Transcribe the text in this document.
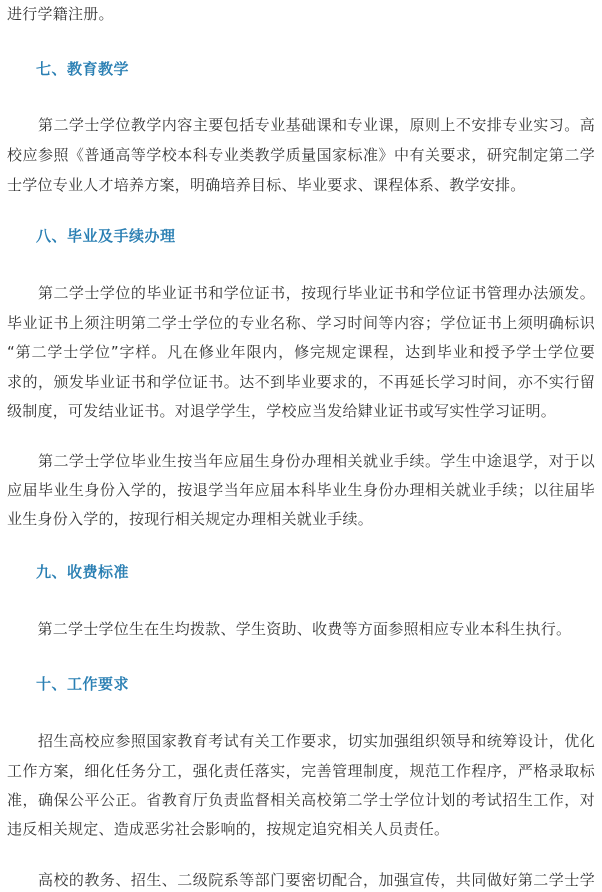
进行学籍注册。
七、教育教学
　　第二学士学位教学内容主要包括专业基础课和专业课，原则上不安排专业实习。高
校应参照《普通高等学校本科专业类教学质量国家标准》中有关要求，研究制定第二学
士学位专业人才培养方案，明确培养目标、毕业要求、课程体系、教学安排。
八、毕业及手续办理
　　第二学士学位的毕业证书和学位证书，按现行毕业证书和学位证书管理办法颁发。
毕业证书上须注明第二学士学位的专业名称、学习时间等内容；学位证书上须明确标识
“第二学士学位”字样。凡在修业年限内，修完规定课程，达到毕业和授予学士学位要
求的，颁发毕业证书和学位证书。达不到毕业要求的，不再延长学习时间，亦不实行留
级制度，可发结业证书。对退学学生，学校应当发给肄业证书或写实性学习证明。
　　第二学士学位毕业生按当年应届生身份办理相关就业手续。学生中途退学，对于以
应届毕业生身份入学的，按退学当年应届本科毕业生身份办理相关就业手续；以往届毕
业生身份入学的，按现行相关规定办理相关就业手续。
九、收费标准
　　第二学士学位生在生均拨款、学生资助、收费等方面参照相应专业本科生执行。
十、工作要求
　　招生高校应参照国家教育考试有关工作要求，切实加强组织领导和统筹设计，优化
工作方案，细化任务分工，强化责任落实，完善管理制度，规范工作程序，严格录取标
准，确保公平公正。省教育厅负责监督相关高校第二学士学位计划的考试招生工作，对
违反相关规定、造成恶劣社会影响的，按规定追究相关人员责任。
　　高校的教务、招生、二级院系等部门要密切配合，加强宣传，共同做好第二学士学
